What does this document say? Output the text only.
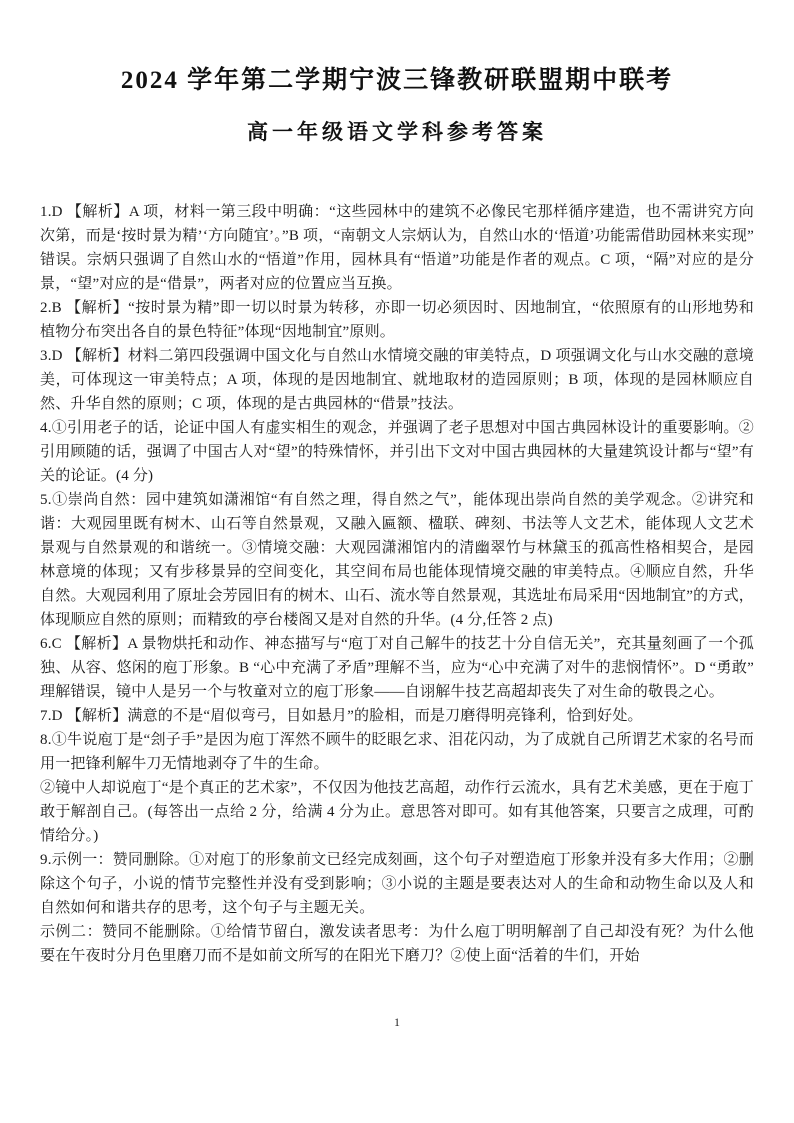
2024 学年第二学期宁波三锋教研联盟期中联考
高一年级语文学科参考答案

1.D 【解析】A 项，材料一第三段中明确：“这些园林中的建筑不必像民宅那样循序建造，也不需讲究方向次第，而是‘按时景为精’‘方向随宜’。”B 项，“南朝文人宗炳认为，自然山水的‘悟道’功能需借助园林来实现”错误。宗炳只强调了自然山水的“悟道”作用，园林具有“悟道”功能是作者的观点。C 项，“隔”对应的是分景，“望”对应的是“借景”，两者对应的位置应当互换。

2.B 【解析】“按时景为精”即一切以时景为转移，亦即一切必须因时、因地制宜，“依照原有的山形地势和植物分布突出各自的景色特征”体现“因地制宜”原则。

3.D 【解析】材料二第四段强调中国文化与自然山水情境交融的审美特点，D 项强调文化与山水交融的意境美，可体现这一审美特点；A 项，体现的是因地制宜、就地取材的造园原则；B 项，体现的是园林顺应自然、升华自然的原则；C 项，体现的是古典园林的“借景”技法。

4.①引用老子的话，论证中国人有虚实相生的观念，并强调了老子思想对中国古典园林设计的重要影响。②引用顾随的话，强调了中国古人对“望”的特殊情怀，并引出下文对中国古典园林的大量建筑设计都与“望”有关的论证。(4 分)

5.①崇尚自然：园中建筑如潇湘馆“有自然之理，得自然之气”，能体现出崇尚自然的美学观念。②讲究和谐：大观园里既有树木、山石等自然景观，又融入匾额、楹联、碑刻、书法等人文艺术，能体现人文艺术景观与自然景观的和谐统一。③情境交融：大观园潇湘馆内的清幽翠竹与林黛玉的孤高性格相契合，是园林意境的体现；又有步移景异的空间变化，其空间布局也能体现情境交融的审美特点。④顺应自然，升华自然。大观园利用了原址会芳园旧有的树木、山石、流水等自然景观，其选址布局采用“因地制宜”的方式，体现顺应自然的原则；而精致的亭台楼阁又是对自然的升华。(4 分,任答 2 点)

6.C 【解析】A 景物烘托和动作、神态描写与“庖丁对自己解牛的技艺十分自信无关”，充其量刻画了一个孤独、从容、悠闲的庖丁形象。B “心中充满了矛盾”理解不当，应为“心中充满了对牛的悲悯情怀”。D “勇敢”理解错误，镜中人是另一个与牧童对立的庖丁形象——自诩解牛技艺高超却丧失了对生命的敬畏之心。

7.D 【解析】满意的不是“眉似弯弓，目如悬月”的脸相，而是刀磨得明亮锋利，恰到好处。

8.①牛说庖丁是“刽子手”是因为庖丁浑然不顾牛的眨眼乞求、泪花闪动，为了成就自己所谓艺术家的名号而用一把锋利解牛刀无情地剥夺了牛的生命。

②镜中人却说庖丁“是个真正的艺术家”，不仅因为他技艺高超，动作行云流水，具有艺术美感，更在于庖丁敢于解剖自己。(每答出一点给 2 分，给满 4 分为止。意思答对即可。如有其他答案，只要言之成理，可酌情给分。)

9.示例一：赞同删除。①对庖丁的形象前文已经完成刻画，这个句子对塑造庖丁形象并没有多大作用；②删除这个句子，小说的情节完整性并没有受到影响；③小说的主题是要表达对人的生命和动物生命以及人和自然如何和谐共存的思考，这个句子与主题无关。

示例二：赞同不能删除。①给情节留白，激发读者思考：为什么庖丁明明解剖了自己却没有死？为什么他要在午夜时分月色里磨刀而不是如前文所写的在阳光下磨刀？②使上面“活着的牛们，开始

1
